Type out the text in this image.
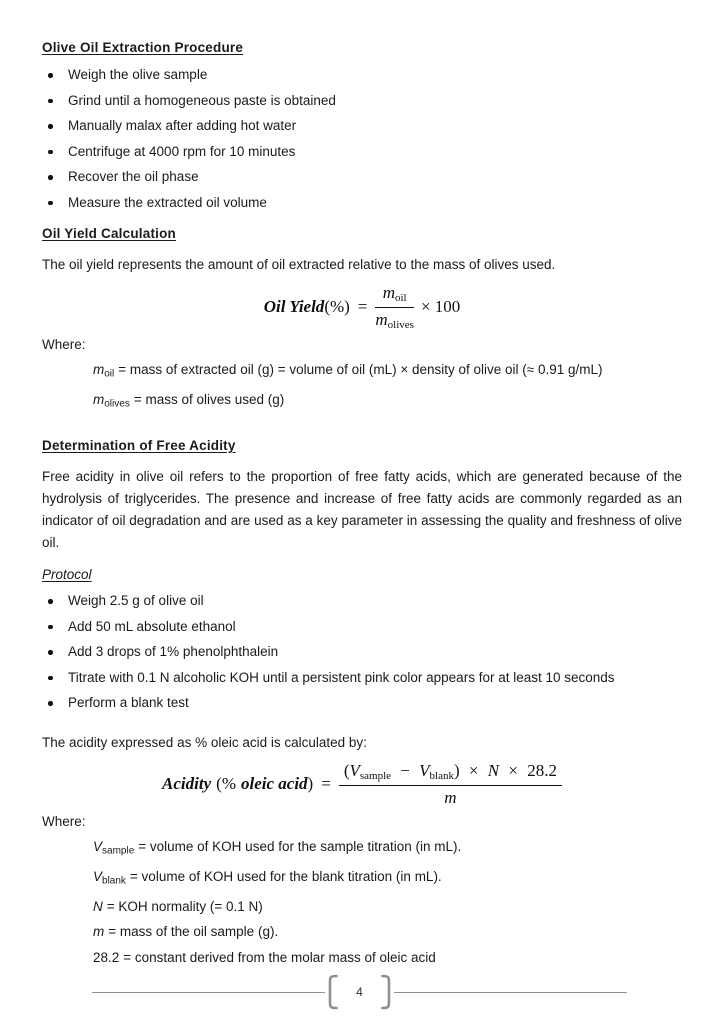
Olive Oil Extraction Procedure
Weigh the olive sample
Grind until a homogeneous paste is obtained
Manually malax after adding hot water
Centrifuge at 4000 rpm for 10 minutes
Recover the oil phase
Measure the extracted oil volume
Oil Yield Calculation

The oil yield represents the amount of oil extracted relative to the mass of olives used.

Oil Yield (%) = $\frac{\text{moil}}{\text{molives}} \times 100$

Where:

moil = mass of extracted oil (g) = volume of oil (mL) × density of olive oil (≈ 0.91 g/mL)

molives = mass of olives used (g)

Determination of Free Acidity

Free acidity in olive oil refers to the proportion of free fatty acids, which are generated because of the hydrolysis of triglycerides. The presence and increase of free fatty acids are commonly regarded as an indicator of oil degradation and are used as a key parameter in assessing the quality and freshness of olive oil.

Protocol
Weigh 2.5 g of olive oil
Add 50 mL absolute ethanol
Add 3 drops of 1% phenolphthalein
Titrate with 0.1 N alcoholic KOH until a persistent pink color appears for at least 10 seconds
Perform a blank test

The acidity expressed as % oleic acid is calculated by:

Acidity (% oleic acid ) =
(Vsample − Vblank) × N × 28.2
m

Where:

Vsample = volume of KOH used for the sample titration (in mL).

Vblank = volume of KOH used for the blank titration (in mL).

N = KOH normality (= 0.1 N)

m = mass of the oil sample (g).

28.2 = constant derived from the molar mass of oleic acid

4
